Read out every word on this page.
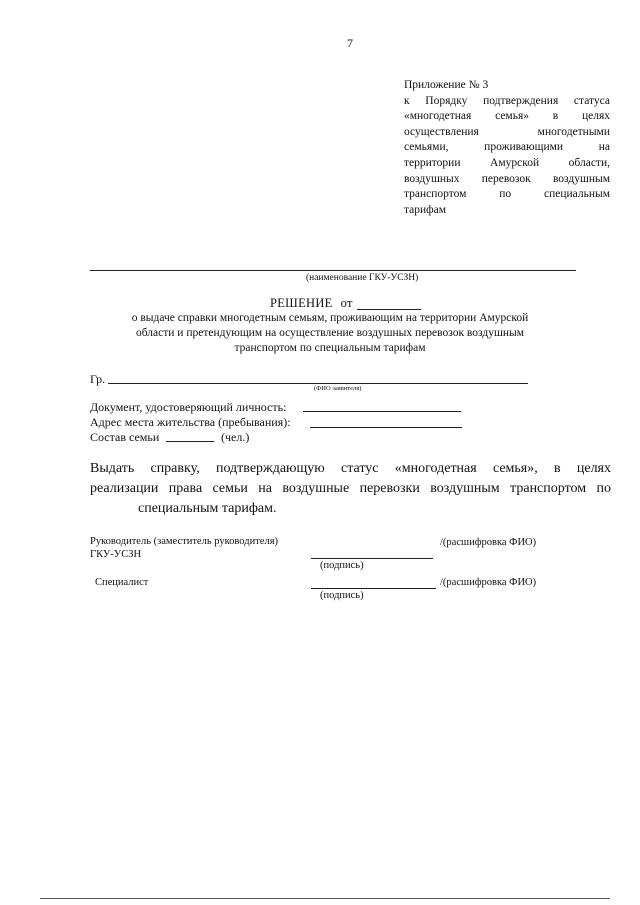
7
Приложение № 3
к Порядку подтверждения статуса
«многодетная семья» в целях
осуществления многодетными
семьями, проживающими на
территории Амурской области,
воздушных перевозок воздушным
транспортом по специальным
тарифам
(наименование ГКУ-УСЗН)
РЕШЕНИЕ от
о выдаче справки многодетным семьям, проживающим на территории Амурской области и претендующим на осуществление воздушных перевозок воздушным транспортом по специальным тарифам
Гр.
(ФИО заявителя)
Документ, удостоверяющий личность:
Адрес места жительства (пребывания):
Состав семьи	(чел.)
Выдать справку, подтверждающую статус «многодетная семья», в целях
реализации права семьи на воздушные перевозки воздушным транспортом по
специальным тарифам.
Руководитель (заместитель руководителя)
ГКУ-УСЗН
(подпись)
/(расшифровка ФИО)
Специалист
(подпись)
/(расшифровка ФИО)
